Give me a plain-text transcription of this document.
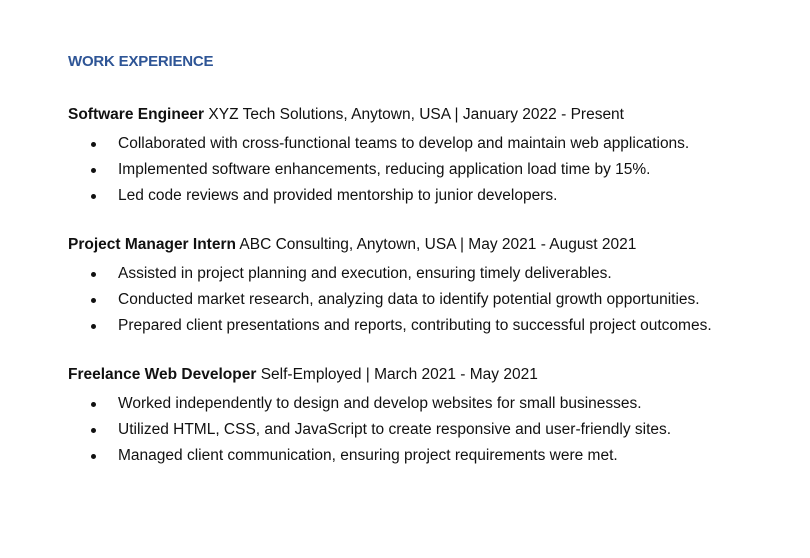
WORK EXPERIENCE

Software Engineer XYZ Tech Solutions, Anytown, USA | January 2022 - Present

Collaborated with cross-functional teams to develop and maintain web applications.
Implemented software enhancements, reducing application load time by 15%.
Led code reviews and provided mentorship to junior developers.

Project Manager Intern ABC Consulting, Anytown, USA | May 2021 - August 2021

Assisted in project planning and execution, ensuring timely deliverables.
Conducted market research, analyzing data to identify potential growth opportunities.
Prepared client presentations and reports, contributing to successful project outcomes.

Freelance Web Developer Self-Employed | March 2021 - May 2021

Worked independently to design and develop websites for small businesses.
Utilized HTML, CSS, and JavaScript to create responsive and user-friendly sites.
Managed client communication, ensuring project requirements were met.
